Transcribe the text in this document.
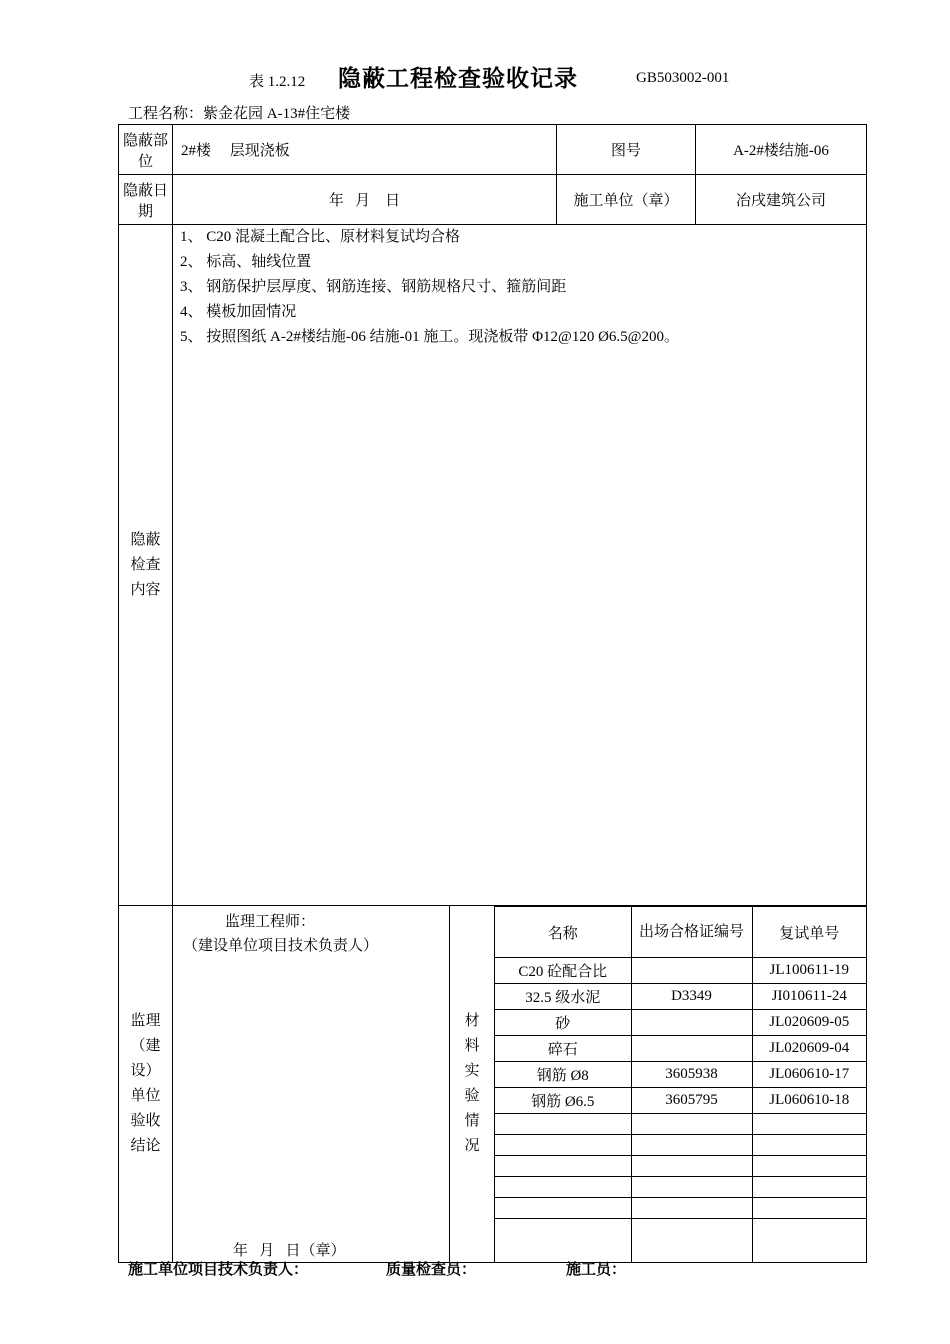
表 1.2.12 隐蔽工程检查验收记录	GB503002-001
工程名称：紫金花园 A-13#住宅楼
隐蔽部位	2#楼     层现浇板	图号	A-2#楼结施-06
隐蔽日期	年   月    日	施工单位（章）	冶戌建筑公司

隐蔽
检查
内容

监理
（建
设）
单位
验收
结论

监理工程师：
（建设单位项目技术负责人）
年   月   日（章）

材
料
实
验
情
况

名称	出场合格证编号	复试单号
C20 砼配合比		JL100611-19
32.5 级水泥	D3349	JI010611-24
砂		JL020609-05
碎石		JL020609-04
钢筋 Ø8	3605938	JL060610-17
钢筋 Ø6.5	3605795	JL060610-18

1、 C20 混凝土配合比、原材料复试均合格
2、 标高、轴线位置
3、 钢筋保护层厚度、钢筋连接、钢筋规格尺寸、箍筋间距
4、 模板加固情况
5、 按照图纸 A-2#楼结施-06 结施-01 施工。现浇板带 Φ12@120 Ø6.5@200。
施工单位项目技术负责人：	质量检查员：	施工员：
